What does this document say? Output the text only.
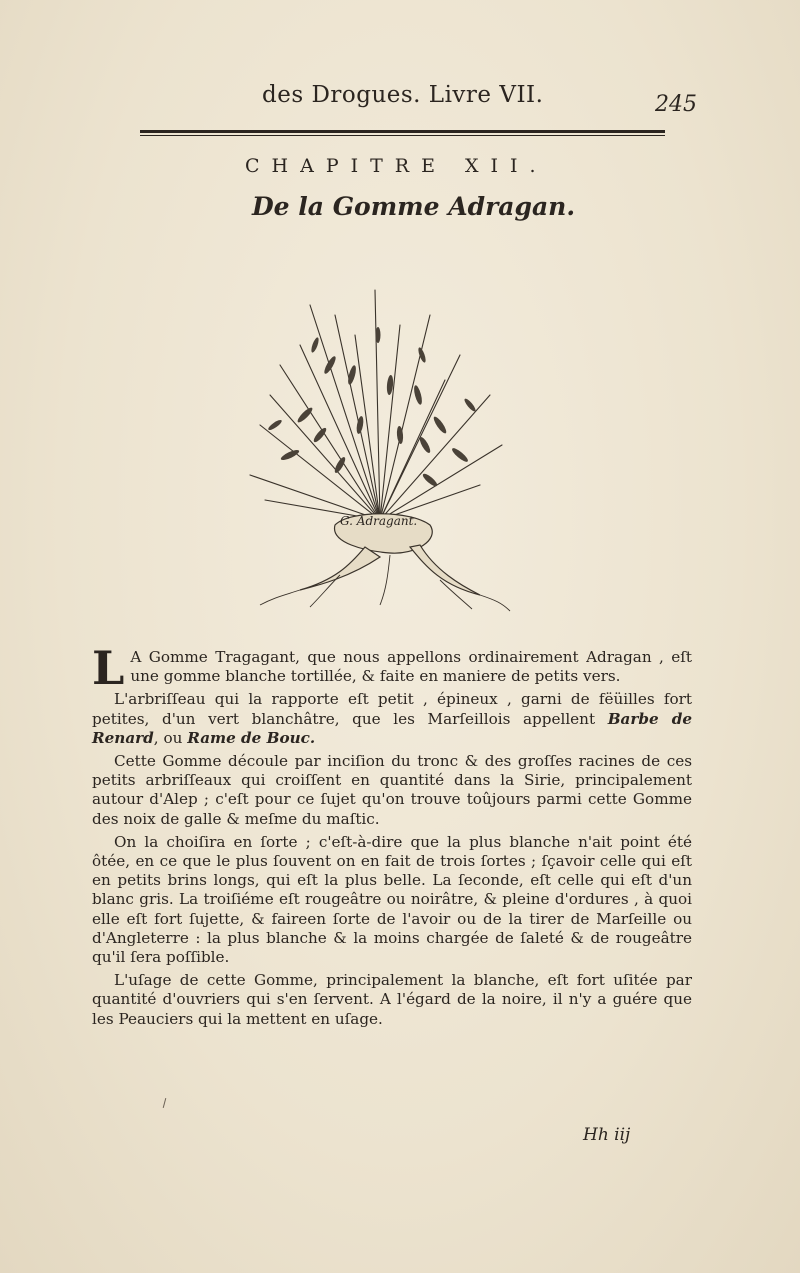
des Drogues. Livre VII.	245
CHAPITRE XII.
De la Gomme Adragan.
G. Adragant.

L A Gomme Tragagant, que nous appellons ordinairement Adragan , eſt une gomme blanche tortillée, & faite en maniere de petits vers.

L'arbriſſeau qui la rapporte eſt petit , épineux , garni de fëüilles fort petites, d'un vert blanchâtre, que les Marſeillois appellent Barbe de Renard, ou Rame de Bouc.

Cette Gomme découle par inciſion du tronc & des groſſes racines de ces petits arbriſſeaux qui croiſſent en quantité dans la Sirie, principalement autour d'Alep ; c'eſt pour ce ſujet qu'on trouve toûjours parmi cette Gomme des noix de galle & meſme du maſtic.

On la choiſira en ſorte ; c'eſt-à-dire que la plus blanche n'ait point été ôtée, en ce que le plus ſouvent on en fait de trois ſortes ; ſçavoir celle qui eſt en petits brins longs, qui eſt la plus belle. La ſeconde, eſt celle qui eſt d'un blanc gris. La troiſiéme eſt rougeâtre ou noirâtre, & pleine d'ordures , à quoi elle eſt fort ſujette, & faireen ſorte de l'avoir ou de la tirer de Marſeille ou d'Angleterre : la plus blanche & la moins chargée de ſaleté & de rougeâtre qu'il ſera poſſible.

L'uſage de cette Gomme, principalement la blanche, eſt fort uſitée par quantité d'ouvriers qui s'en ſervent. A l'égard de la noire, il n'y a guére que les Peauciers qui la mettent en uſage.

Hh iij
